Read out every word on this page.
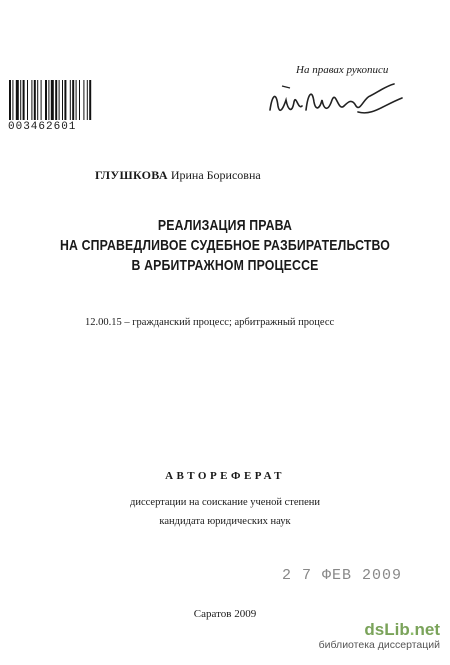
На правах рукописи
003462601
ГЛУШКОВА Ирина Борисовна
РЕАЛИЗАЦИЯ ПРАВА
НА СПРАВЕДЛИВОЕ СУДЕБНОЕ РАЗБИРАТЕЛЬСТВО
В АРБИТРАЖНОМ ПРОЦЕССЕ
12.00.15 – гражданский процесс; арбитражный процесс
АВТОРЕФЕРАТ
диссертации на соискание ученой степени
кандидата юридических наук
2 7 ФЕВ 2009
Саратов 2009
dsLib.net
библиотека диссертаций
